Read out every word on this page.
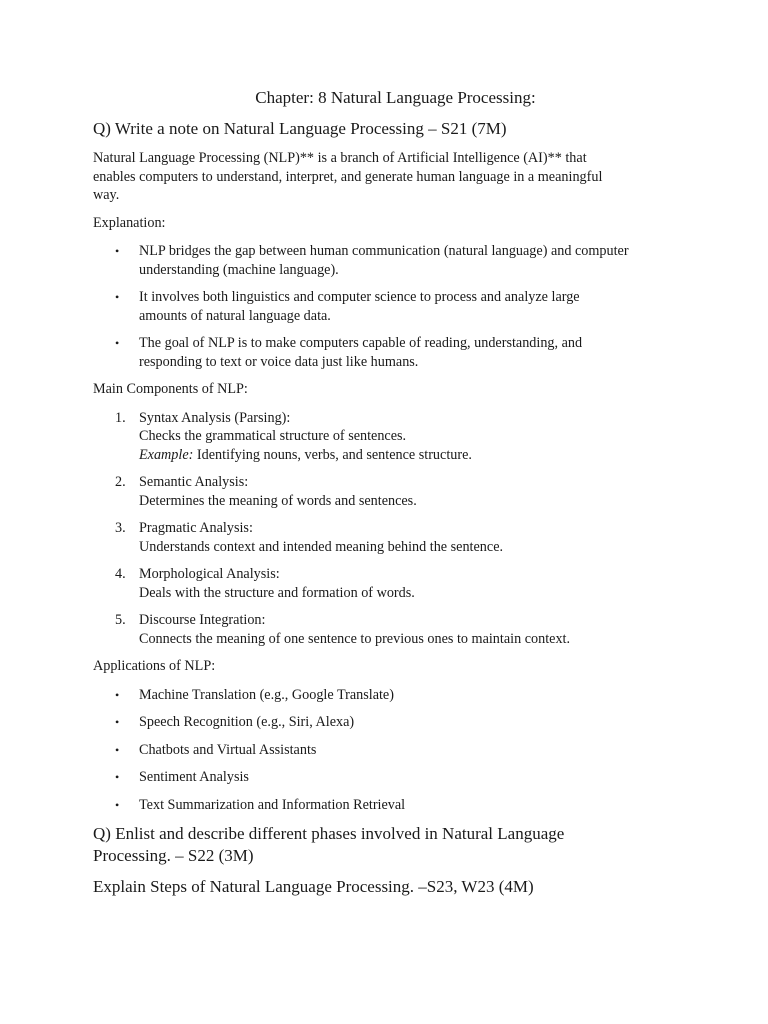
Chapter: 8 Natural Language Processing:
Q) Write a note on Natural Language Processing – S21 (7M)
Natural Language Processing (NLP)** is a branch of Artificial Intelligence (AI)** that
enables computers to understand, interpret, and generate human language in a meaningful
way.
Explanation:
• NLP bridges the gap between human communication (natural language) and computer
understanding (machine language).
• It involves both linguistics and computer science to process and analyze large
amounts of natural language data.
• The goal of NLP is to make computers capable of reading, understanding, and
responding to text or voice data just like humans.
Main Components of NLP:
1. Syntax Analysis (Parsing):
Checks the grammatical structure of sentences.
Example: Identifying nouns, verbs, and sentence structure.
2. Semantic Analysis:
Determines the meaning of words and sentences.
3. Pragmatic Analysis:
Understands context and intended meaning behind the sentence.
4. Morphological Analysis:
Deals with the structure and formation of words.
5. Discourse Integration:
Connects the meaning of one sentence to previous ones to maintain context.
Applications of NLP:
• Machine Translation (e.g., Google Translate)
• Speech Recognition (e.g., Siri, Alexa)
• Chatbots and Virtual Assistants
• Sentiment Analysis
• Text Summarization and Information Retrieval
Q) Enlist and describe different phases involved in Natural Language
Processing. – S22 (3M)
Explain Steps of Natural Language Processing. –S23, W23 (4M)
